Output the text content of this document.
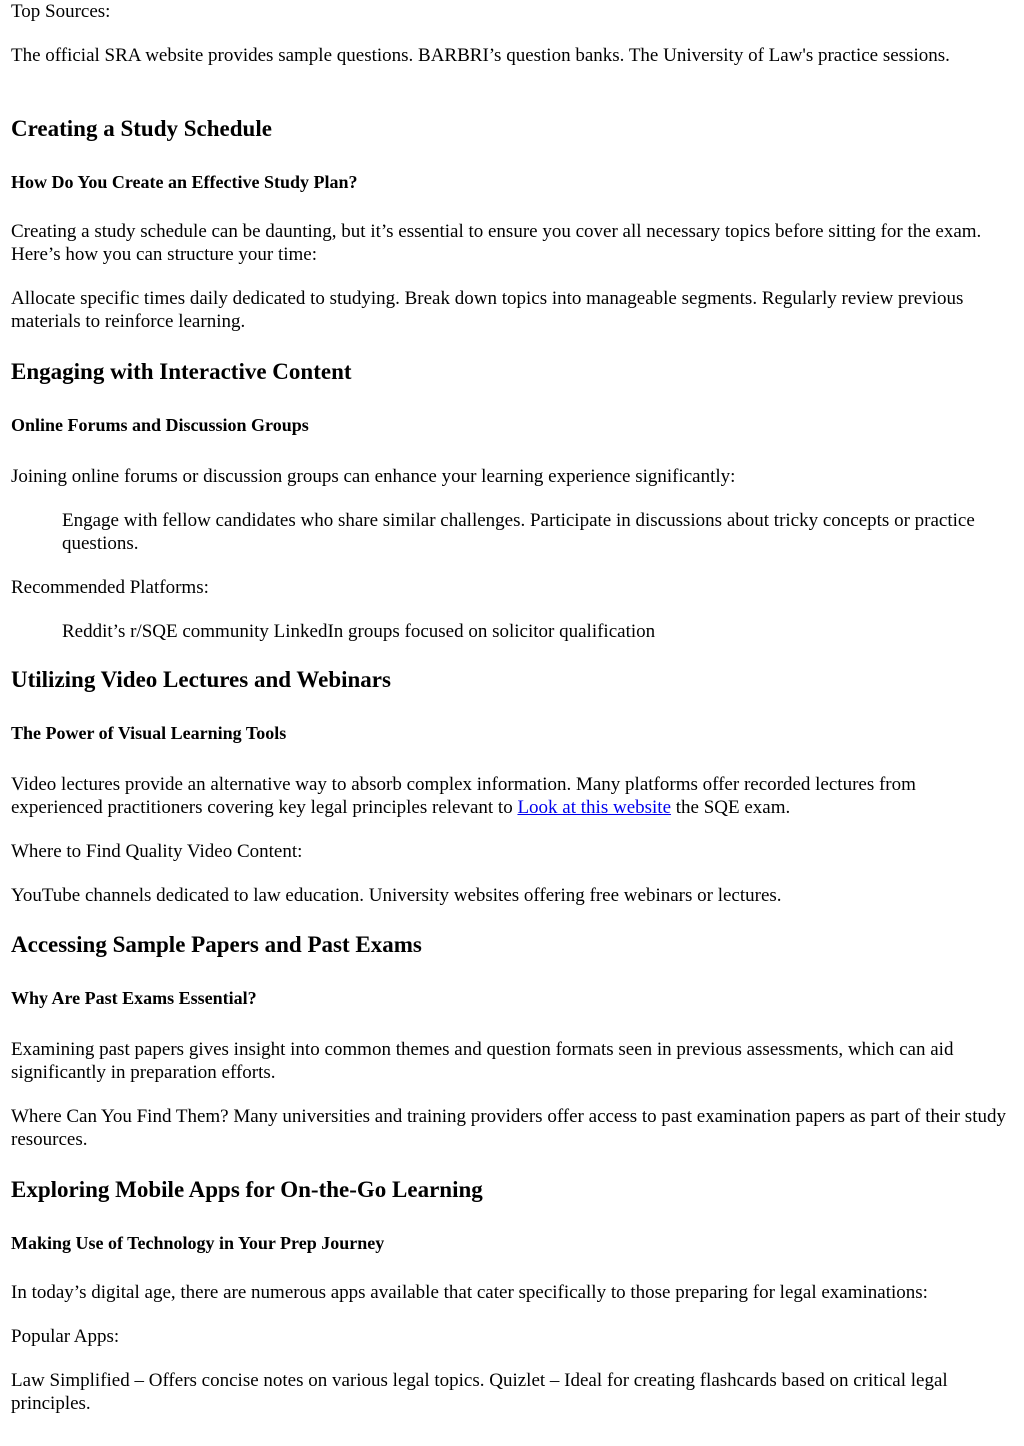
Top Sources:

The official SRA website provides sample questions. BARBRI’s question banks. The University of Law's practice sessions.

Creating a Study Schedule
How Do You Create an Effective Study Plan?

Creating a study schedule can be daunting, but it’s essential to ensure you cover all necessary topics before sitting for the exam. Here’s how you can structure your time:

Allocate specific times daily dedicated to studying. Break down topics into manageable segments. Regularly review previous materials to reinforce learning.

Engaging with Interactive Content
Online Forums and Discussion Groups

Joining online forums or discussion groups can enhance your learning experience significantly:

Engage with fellow candidates who share similar challenges. Participate in discussions about tricky concepts or practice questions.

Recommended Platforms:

Reddit’s r/SQE community LinkedIn groups focused on solicitor qualification

Utilizing Video Lectures and Webinars
The Power of Visual Learning Tools

Video lectures provide an alternative way to absorb complex information. Many platforms offer recorded lectures from experienced practitioners covering key legal principles relevant to Look at this website the SQE exam.

Where to Find Quality Video Content:

YouTube channels dedicated to law education. University websites offering free webinars or lectures.

Accessing Sample Papers and Past Exams
Why Are Past Exams Essential?

Examining past papers gives insight into common themes and question formats seen in previous assessments, which can aid significantly in preparation efforts.

Where Can You Find Them? Many universities and training providers offer access to past examination papers as part of their study resources.

Exploring Mobile Apps for On-the-Go Learning
Making Use of Technology in Your Prep Journey

In today’s digital age, there are numerous apps available that cater specifically to those preparing for legal examinations:

Popular Apps:

Law Simplified – Offers concise notes on various legal topics. Quizlet – Ideal for creating flashcards based on critical legal principles.
